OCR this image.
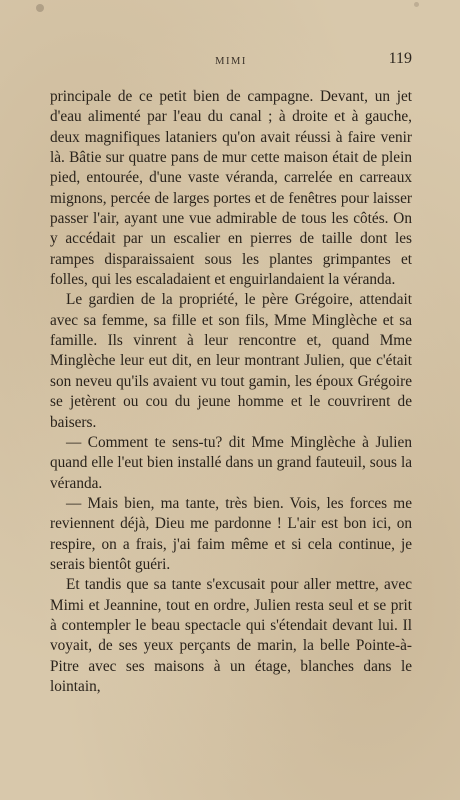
MIMI	119

principale de ce petit bien de campagne. Devant, un jet d'eau alimenté par l'eau du canal ; à droite et à gauche, deux magnifiques lataniers qu'on avait réussi à faire venir là. Bâtie sur quatre pans de mur cette maison était de plein pied, entourée, d'une vaste véranda, carrelée en carreaux mignons, percée de larges portes et de fenêtres pour laisser passer l'air, ayant une vue admirable de tous les côtés. On y accédait par un escalier en pierres de taille dont les rampes disparaissaient sous les plantes grimpantes et folles, qui les escaladaient et enguirlandaient la véranda.

Le gardien de la propriété, le père Grégoire, attendait avec sa femme, sa fille et son fils, Mme Minglèche et sa famille. Ils vinrent à leur rencontre et, quand Mme Minglèche leur eut dit, en leur montrant Julien, que c'était son neveu qu'ils avaient vu tout gamin, les époux Grégoire se jetèrent ou cou du jeune homme et le couvrirent de baisers.

— Comment te sens-tu? dit Mme Minglèche à Julien quand elle l'eut bien installé dans un grand fauteuil, sous la véranda.

— Mais bien, ma tante, très bien. Vois, les forces me reviennent déjà, Dieu me pardonne ! L'air est bon ici, on respire, on a frais, j'ai faim même et si cela continue, je serais bientôt guéri.

Et tandis que sa tante s'excusait pour aller mettre, avec Mimi et Jeannine, tout en ordre, Julien resta seul et se prit à contempler le beau spectacle qui s'étendait devant lui. Il voyait, de ses yeux perçants de marin, la belle Pointe-à-Pitre avec ses maisons à un étage, blanches dans le lointain,
